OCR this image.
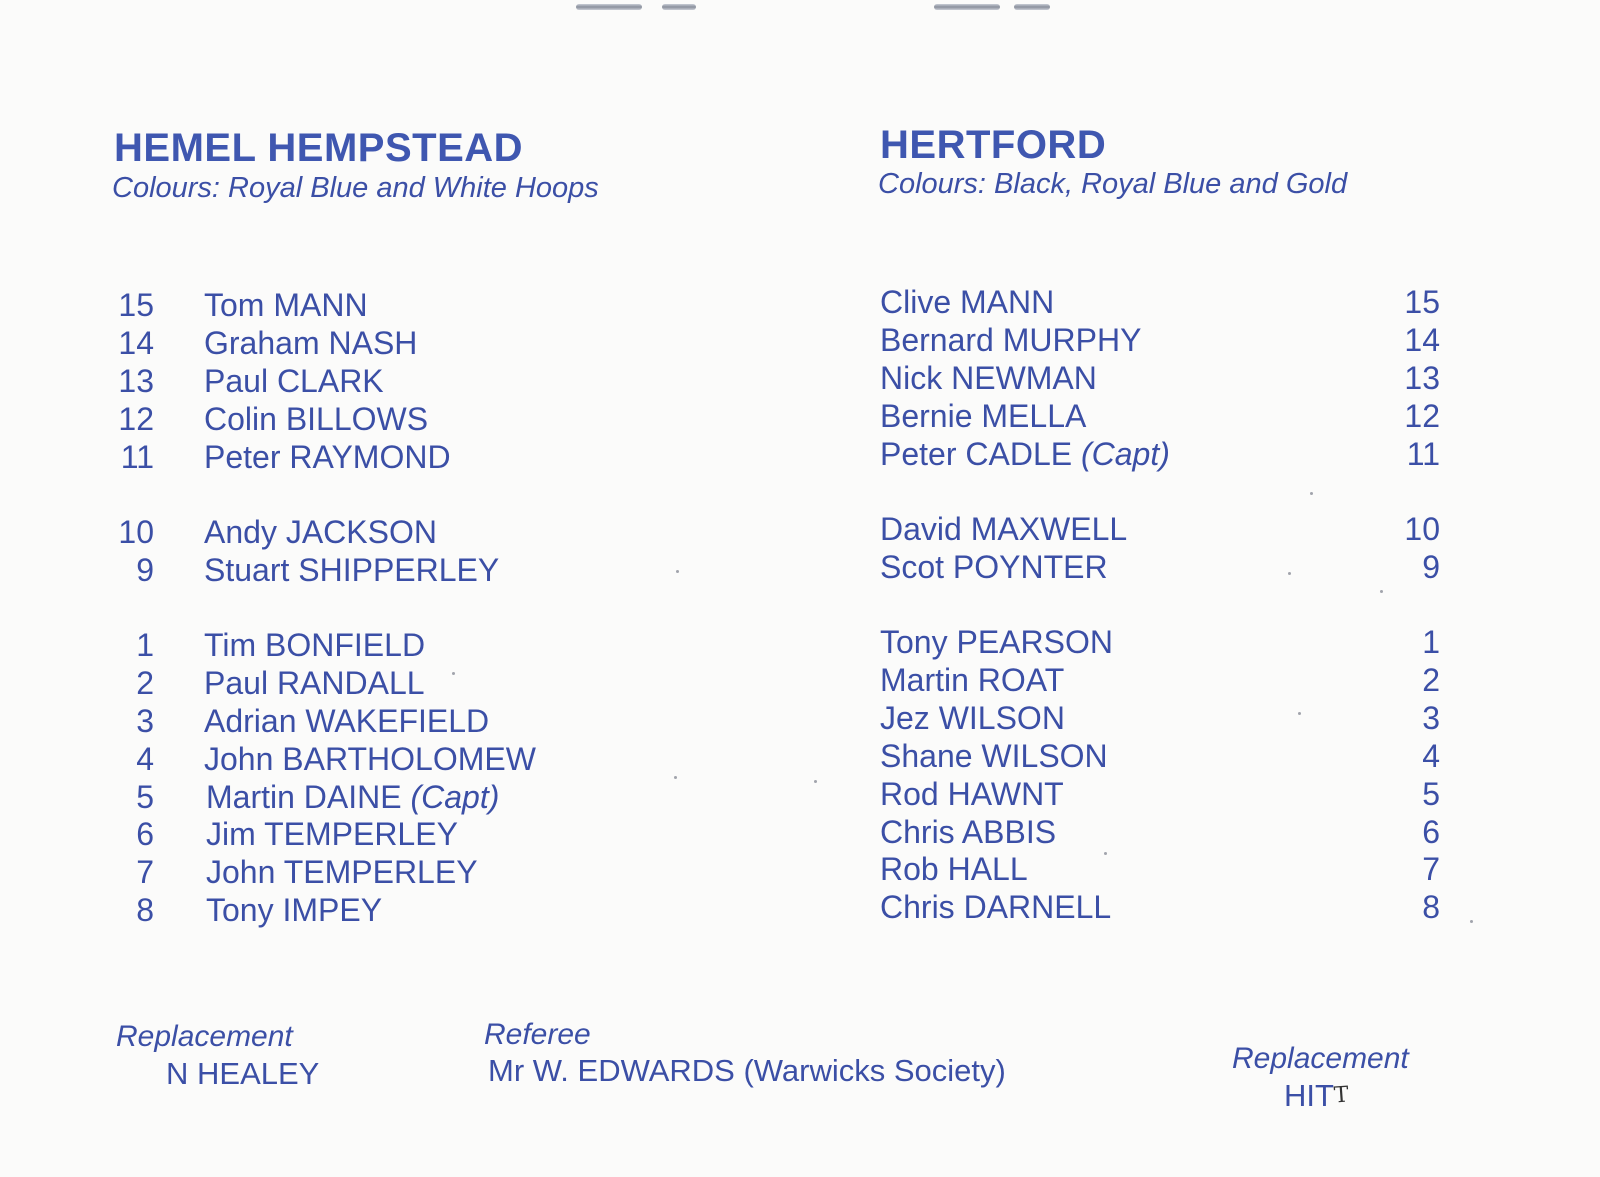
HEMEL HEMPSTEAD
Colours: Royal Blue and White Hoops
HERTFORD
Colours: Black, Royal Blue and Gold
15 Tom MANN
14 Graham NASH
13 Paul CLARK
12 Colin BILLOWS
11 Peter RAYMOND
10 Andy JACKSON
9 Stuart SHIPPERLEY
1 Tim BONFIELD
2 Paul RANDALL
3 Adrian WAKEFIELD
4 John BARTHOLOMEW
5 Martin DAINE (Capt)
6 Jim TEMPERLEY
7 John TEMPERLEY
8 Tony IMPEY
Clive MANN	15
Bernard MURPHY	14
Nick NEWMAN	13
Bernie MELLA	12
Peter CADLE (Capt)	11
David MAXWELL	10
Scot POYNTER	9
Tony PEARSON	1
Martin ROAT	2
Jez WILSON	3
Shane WILSON	4
Rod HAWNT	5
Chris ABBIS	6
Rob HALL	7
Chris DARNELL	8
Replacement
N HEALEY
Referee
Mr W. EDWARDS (Warwicks Society)	Replacement
HITT
